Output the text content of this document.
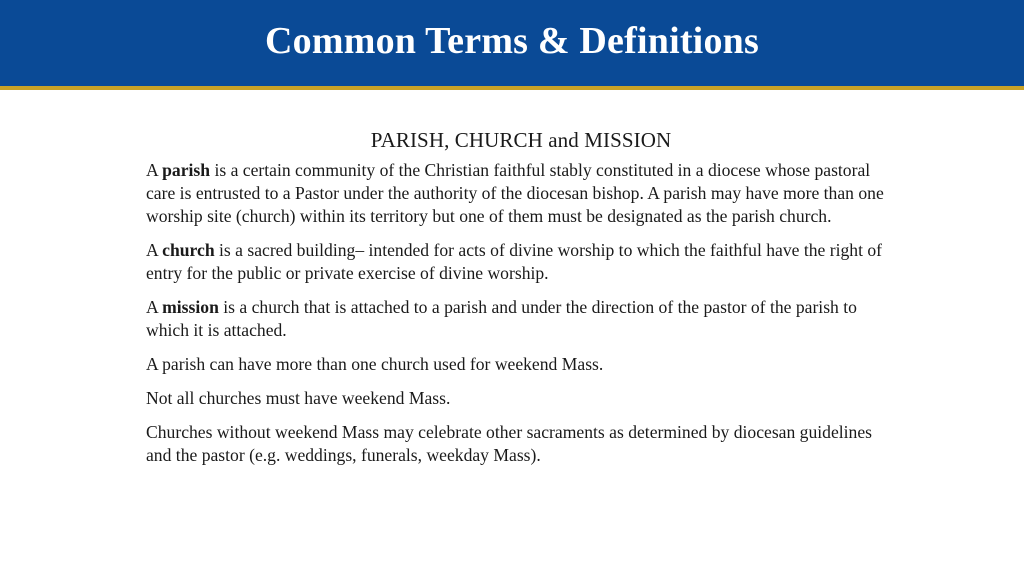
Common Terms & Definitions
PARISH, CHURCH and MISSION

A parish is a certain community of the Christian faithful stably constituted in a diocese whose pastoral care is entrusted to a Pastor under the authority of the diocesan bishop. A parish may have more than one worship site (church) within its territory but one of them must be designated as the parish church.

A church is a sacred building– intended for acts of divine worship to which the faithful have the right of entry for the public or private exercise of divine worship.

A mission is a church that is attached to a parish and under the direction of the pastor of the parish to which it is attached.

A parish can have more than one church used for weekend Mass.

Not all churches must have weekend Mass.

Churches without weekend Mass may celebrate other sacraments as determined by diocesan guidelines and the pastor (e.g. weddings, funerals, weekday Mass).
